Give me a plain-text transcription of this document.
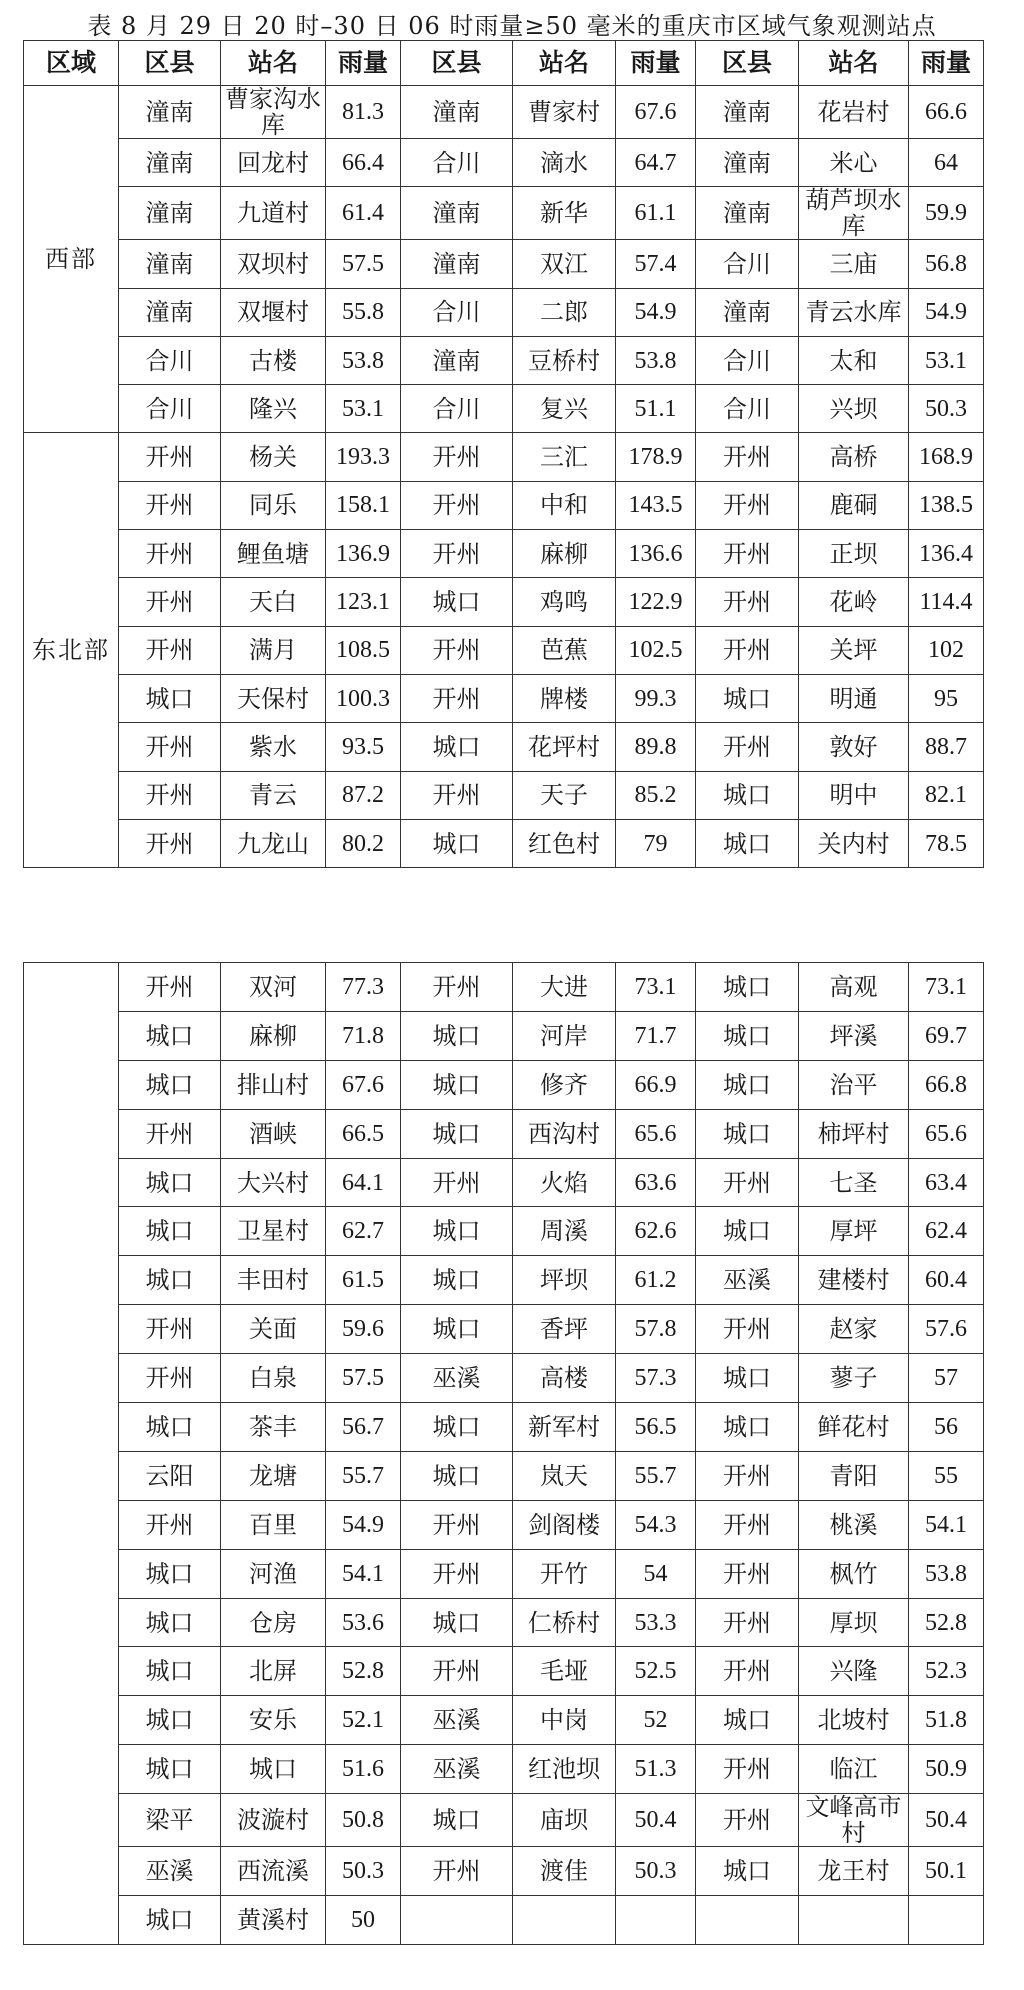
表 8 月 29 日 20 时–30 日 06 时雨量≥50 毫米的重庆市区域气象观测站点
区域	区县	站名	雨量	区县	站名	雨量	区县	站名	雨量
西部	潼南	曹家沟水库	81.3	潼南	曹家村	67.6	潼南	花岩村	66.6
	潼南	回龙村	66.4	合川	滴水	64.7	潼南	米心	64
	潼南	九道村	61.4	潼南	新华	61.1	潼南	葫芦坝水库	59.9
	潼南	双坝村	57.5	潼南	双江	57.4	合川	三庙	56.8
	潼南	双堰村	55.8	合川	二郎	54.9	潼南	青云水库	54.9
	合川	古楼	53.8	潼南	豆桥村	53.8	合川	太和	53.1
	合川	隆兴	53.1	合川	复兴	51.1	合川	兴坝	50.3
东北部	开州	杨关	193.3	开州	三汇	178.9	开州	高桥	168.9
	开州	同乐	158.1	开州	中和	143.5	开州	鹿硐	138.5
	开州	鲤鱼塘	136.9	开州	麻柳	136.6	开州	正坝	136.4
	开州	天白	123.1	城口	鸡鸣	122.9	开州	花岭	114.4
	开州	满月	108.5	开州	芭蕉	102.5	开州	关坪	102
	城口	天保村	100.3	开州	牌楼	99.3	城口	明通	95
	开州	紫水	93.5	城口	花坪村	89.8	开州	敦好	88.7
	开州	青云	87.2	开州	天子	85.2	城口	明中	82.1
	开州	九龙山	80.2	城口	红色村	79	城口	关内村	78.5
	开州	双河	77.3	开州	大进	73.1	城口	高观	73.1
	城口	麻柳	71.8	城口	河岸	71.7	城口	坪溪	69.7
	城口	排山村	67.6	城口	修齐	66.9	城口	治平	66.8
	开州	酒峡	66.5	城口	西沟村	65.6	城口	柿坪村	65.6
	城口	大兴村	64.1	开州	火焰	63.6	开州	七圣	63.4
	城口	卫星村	62.7	城口	周溪	62.6	城口	厚坪	62.4
	城口	丰田村	61.5	城口	坪坝	61.2	巫溪	建楼村	60.4
	开州	关面	59.6	城口	香坪	57.8	开州	赵家	57.6
	开州	白泉	57.5	巫溪	高楼	57.3	城口	蓼子	57
	城口	茶丰	56.7	城口	新军村	56.5	城口	鲜花村	56
	云阳	龙塘	55.7	城口	岚天	55.7	开州	青阳	55
	开州	百里	54.9	开州	剑阁楼	54.3	开州	桃溪	54.1
	城口	河渔	54.1	开州	开竹	54	开州	枫竹	53.8
	城口	仓房	53.6	城口	仁桥村	53.3	开州	厚坝	52.8
	城口	北屏	52.8	开州	毛垭	52.5	开州	兴隆	52.3
	城口	安乐	52.1	巫溪	中岗	52	城口	北坡村	51.8
	城口	城口	51.6	巫溪	红池坝	51.3	开州	临江	50.9
	梁平	波漩村	50.8	城口	庙坝	50.4	开州	文峰高市村	50.4
	巫溪	西流溪	50.3	开州	渡佳	50.3	城口	龙王村	50.1
	城口	黄溪村	50						
